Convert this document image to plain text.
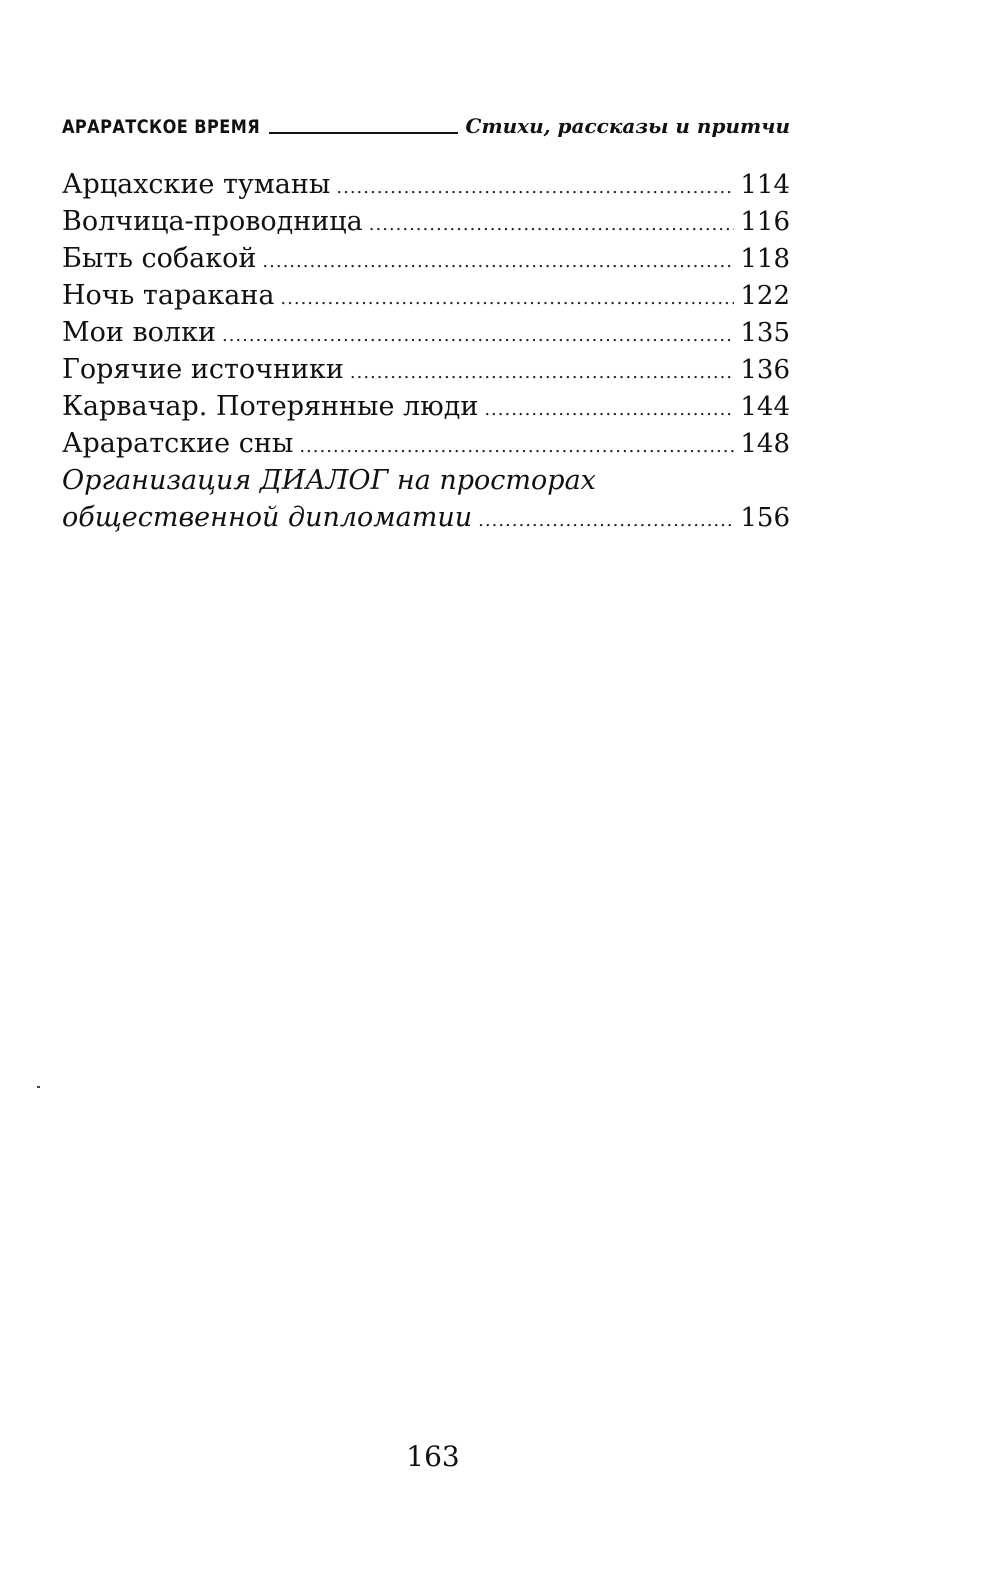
АРАРАТСКОЕ ВРЕМЯ	Стихи, рассказы и притчи
Арцахские туманы .....	114
Волчица-проводница .....	116
Быть собакой .....	118
Ночь таракана .....	122
Мои волки .....	135
Горячие источники .....	136
Карвачар. Потерянные люди .....	144
Араратские сны .....	148
Организация ДИАЛОГ на просторах
общественной дипломатии .....	156
163
